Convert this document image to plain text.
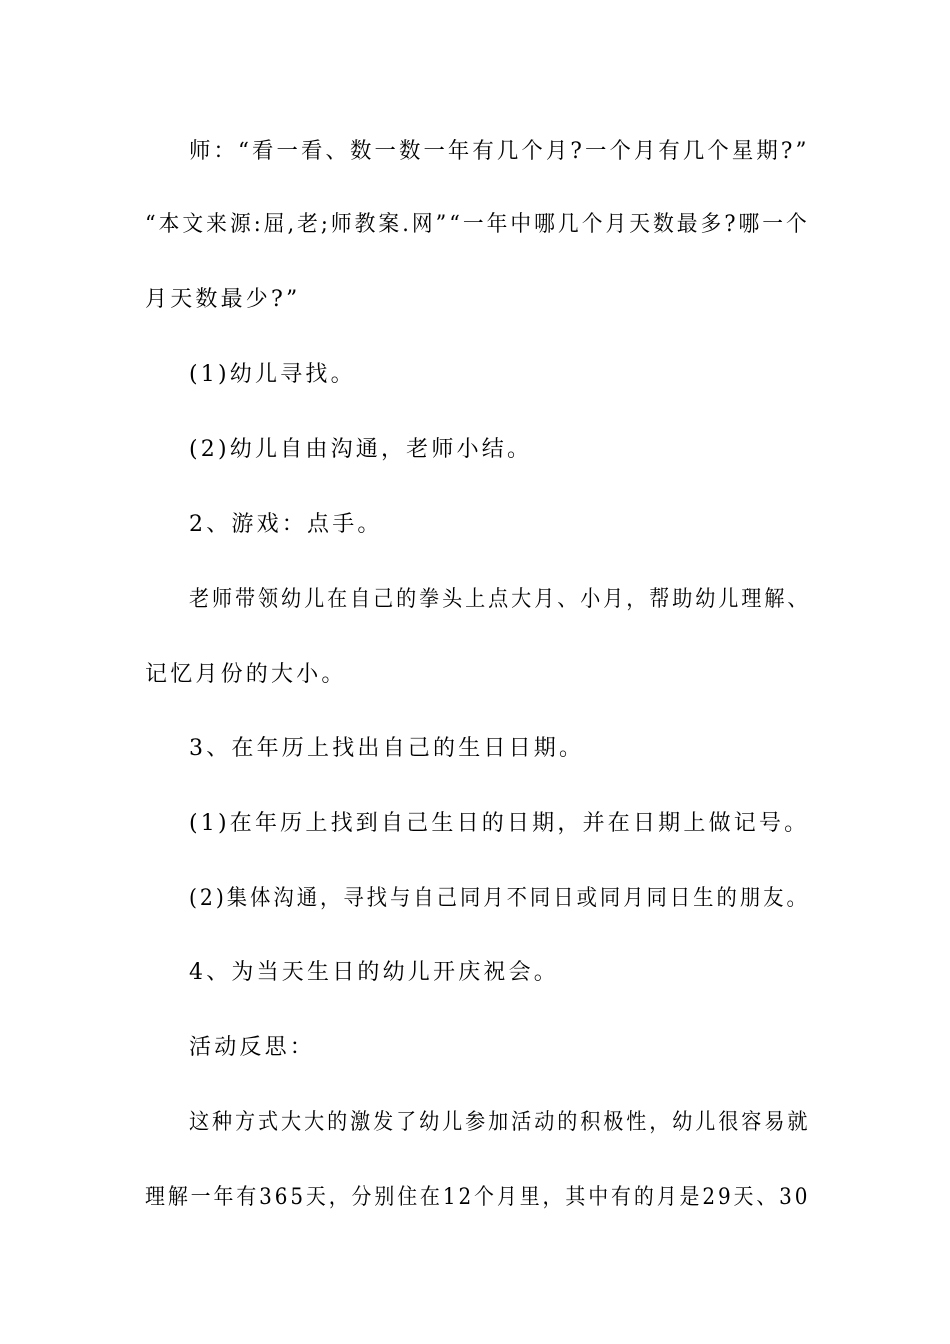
师：“看一看、数一数一年有几个月?一个月有几个星期?”
“本文来源:屈,老;师教案.网”“一年中哪几个月天数最多?哪一个
月天数最少?”
(1)幼儿寻找。
(2)幼儿自由沟通，老师小结。
2、游戏：点手。
老师带领幼儿在自己的拳头上点大月、小月，帮助幼儿理解、
记忆月份的大小。
3、在年历上找出自己的生日日期。
(1)在年历上找到自己生日的日期，并在日期上做记号。
(2)集体沟通，寻找与自己同月不同日或同月同日生的朋友。
4、为当天生日的幼儿开庆祝会。
活动反思：
这种方式大大的激发了幼儿参加活动的积极性，幼儿很容易就
理解一年有365天，分别住在12个月里，其中有的月是29天、30
